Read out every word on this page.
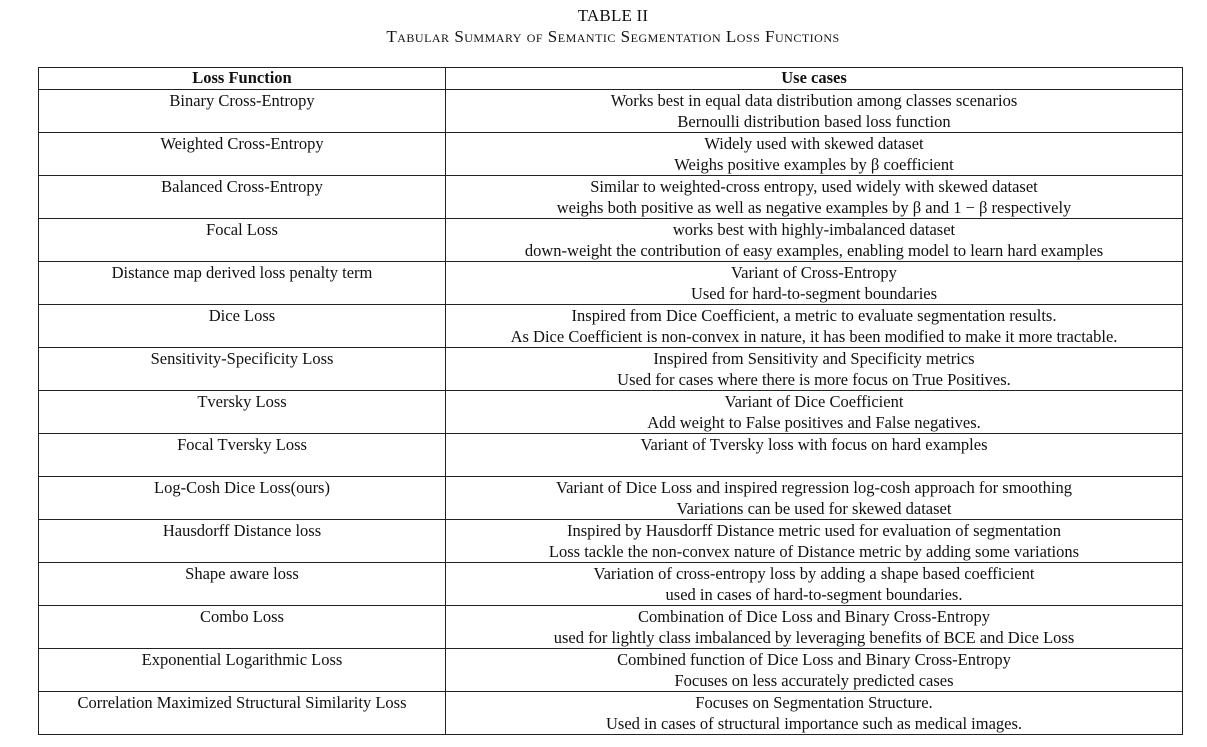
TABLE II
Tabular Summary of Semantic Segmentation Loss Functions
Loss Function	Use cases

Binary Cross-Entropy	Works best in equal data distribution among classes scenarios
Bernoulli distribution based loss function

Weighted Cross-Entropy	Widely used with skewed dataset
Weighs positive examples by β coefficient

Balanced Cross-Entropy	Similar to weighted-cross entropy, used widely with skewed dataset
weighs both positive as well as negative examples by β and 1 − β respectively

Focal Loss	works best with highly-imbalanced dataset
down-weight the contribution of easy examples, enabling model to learn hard examples

Distance map derived loss penalty term	Variant of Cross-Entropy
Used for hard-to-segment boundaries

Dice Loss	Inspired from Dice Coefficient, a metric to evaluate segmentation results.
As Dice Coefficient is non-convex in nature, it has been modified to make it more tractable.

Sensitivity-Specificity Loss	Inspired from Sensitivity and Specificity metrics
Used for cases where there is more focus on True Positives.

Tversky Loss	Variant of Dice Coefficient
Add weight to False positives and False negatives.

Focal Tversky Loss	Variant of Tversky loss with focus on hard examples

Log-Cosh Dice Loss(ours)	Variant of Dice Loss and inspired regression log-cosh approach for smoothing
Variations can be used for skewed dataset

Hausdorff Distance loss	Inspired by Hausdorff Distance metric used for evaluation of segmentation
Loss tackle the non-convex nature of Distance metric by adding some variations

Shape aware loss	Variation of cross-entropy loss by adding a shape based coefficient
used in cases of hard-to-segment boundaries.

Combo Loss	Combination of Dice Loss and Binary Cross-Entropy
used for lightly class imbalanced by leveraging benefits of BCE and Dice Loss

Exponential Logarithmic Loss	Combined function of Dice Loss and Binary Cross-Entropy
Focuses on less accurately predicted cases

Correlation Maximized Structural Similarity Loss	Focuses on Segmentation Structure.
Used in cases of structural importance such as medical images.
